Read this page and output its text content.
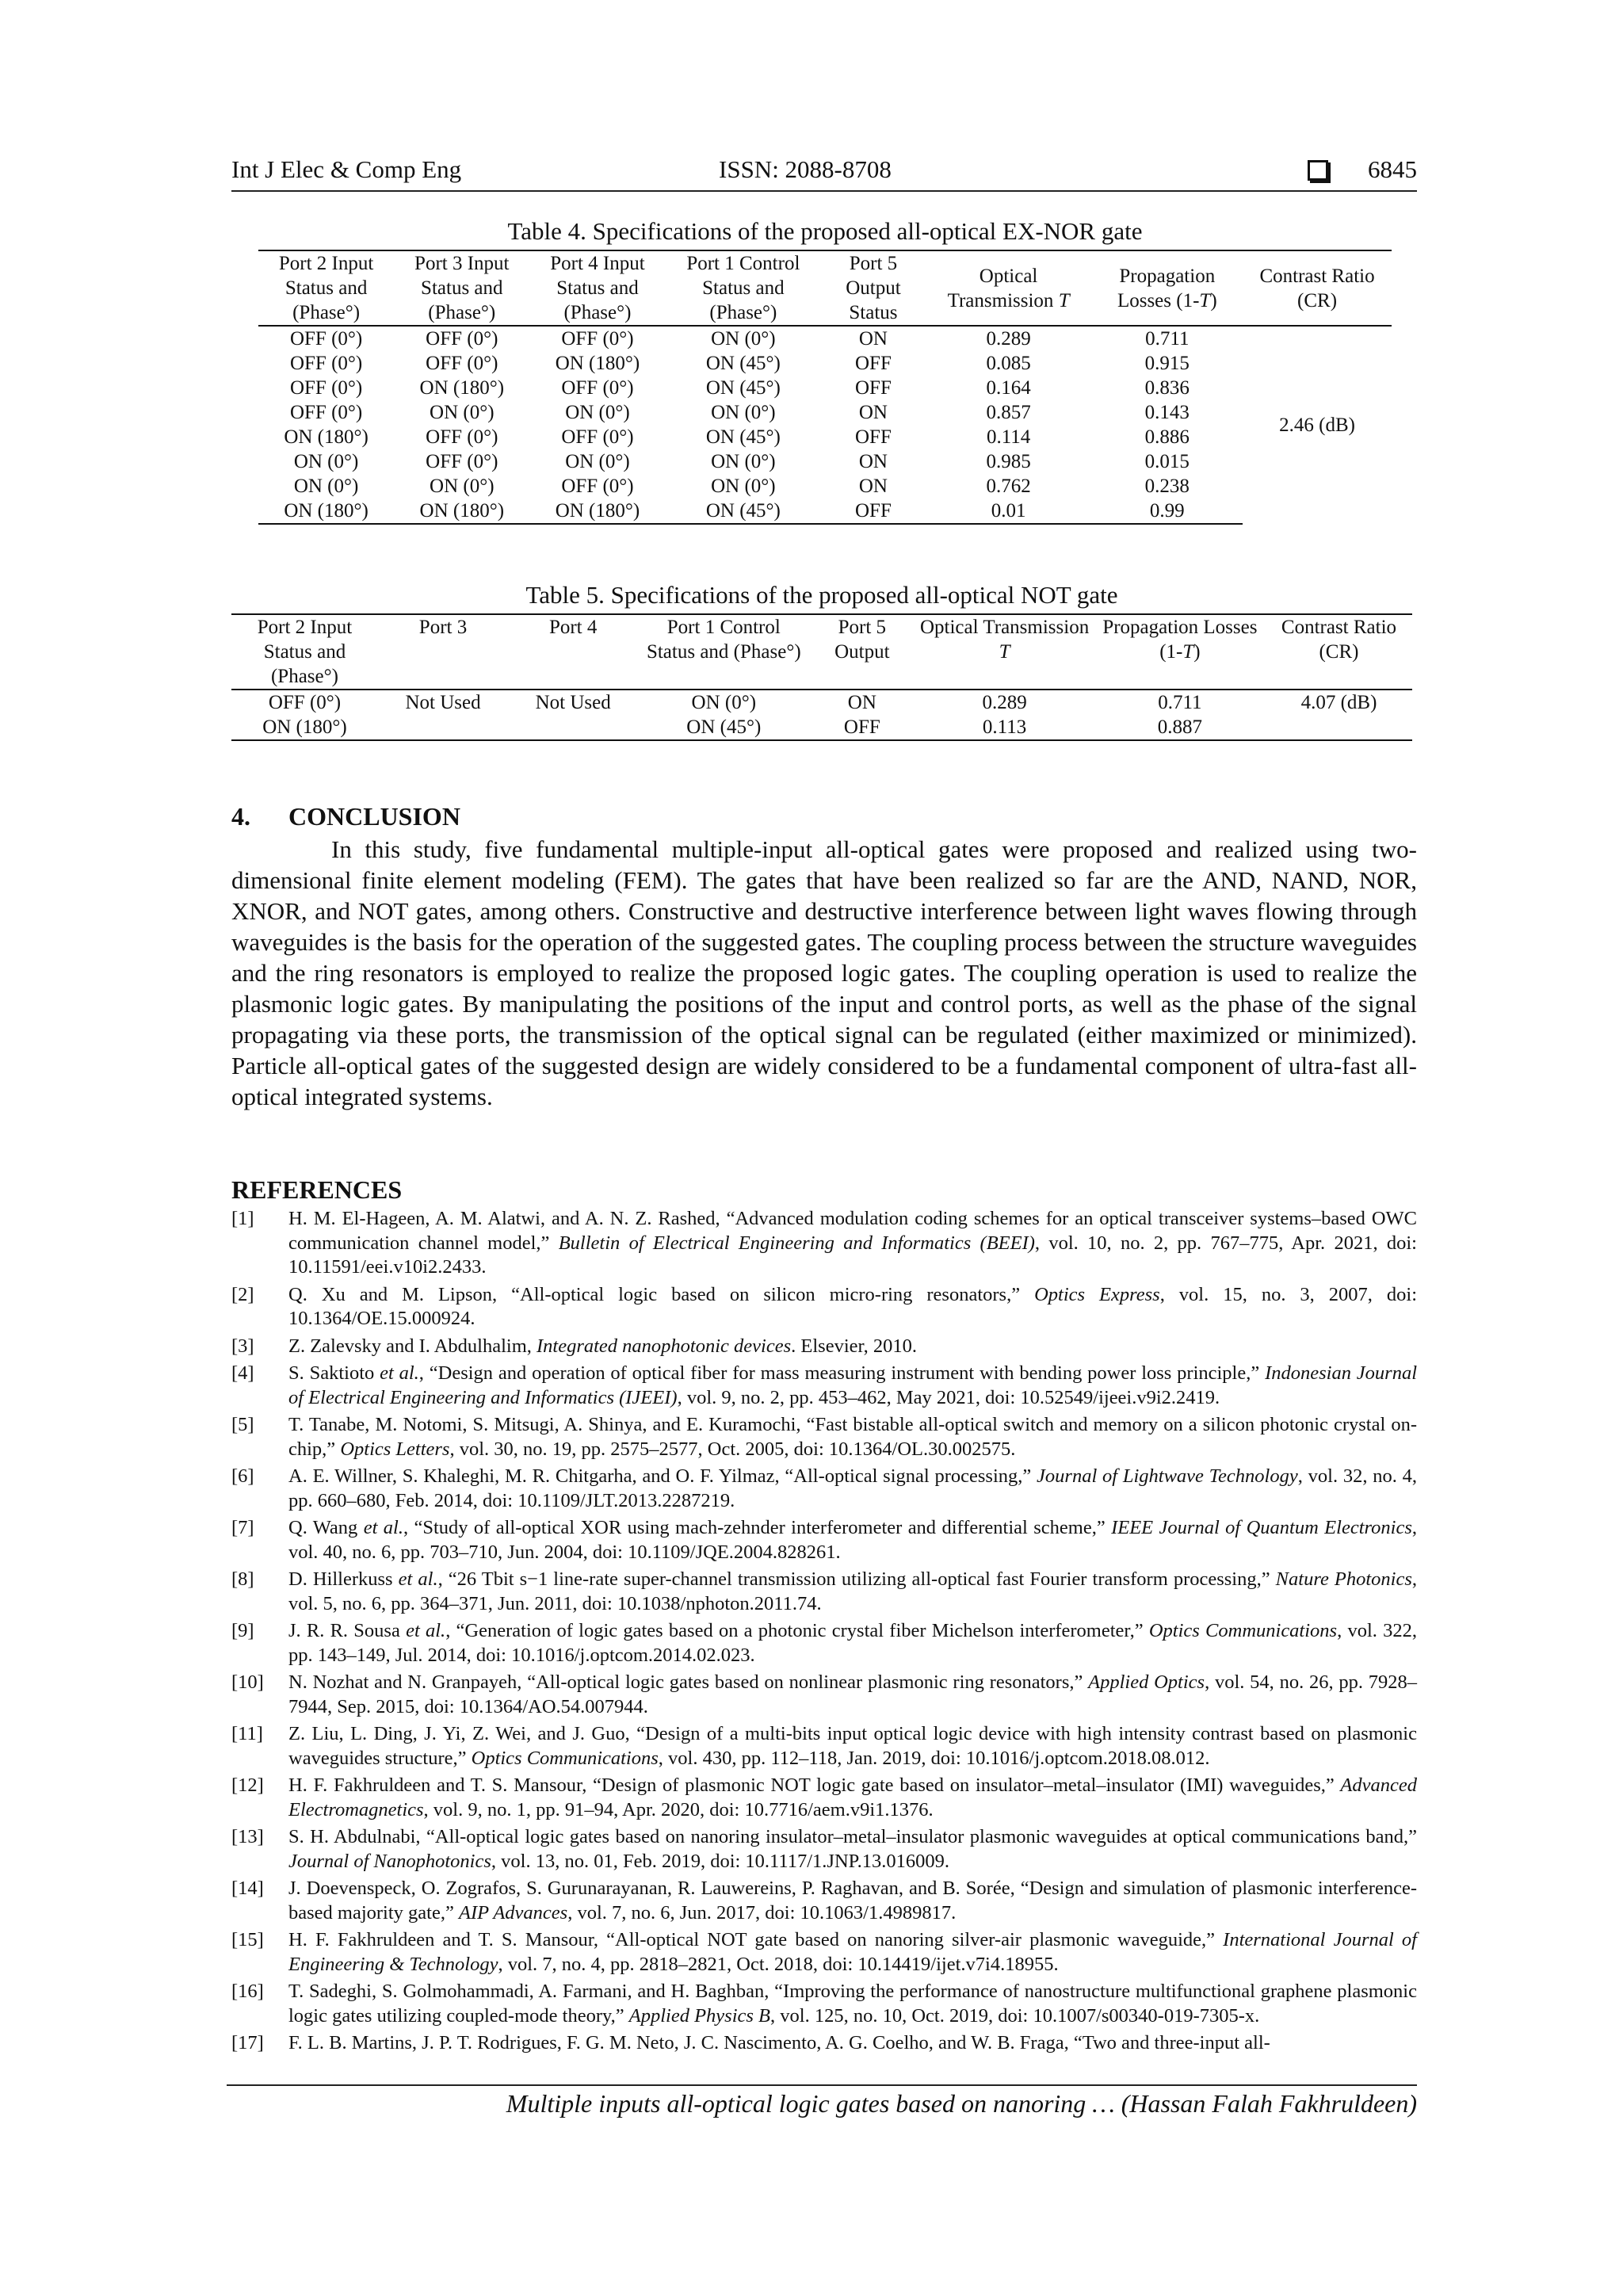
Int J Elec & Comp Eng	ISSN: 2088-8708	6845
Table 4. Specifications of the proposed all-optical EX-NOR gate
Port 2 Input Status and (Phase°)	Port 3 Input Status and (Phase°)	Port 4 Input Status and (Phase°)	Port 1 Control Status and (Phase°)	Port 5 Output Status	Optical Transmission T	Propagation Losses (1-T)	Contrast Ratio (CR)
OFF (0°)	OFF (0°)	OFF (0°)	ON (0°)	ON	0.289	0.711	2.46 (dB)
OFF (0°)	OFF (0°)	ON (180°)	ON (45°)	OFF	0.085	0.915	
OFF (0°)	ON (180°)	OFF (0°)	ON (45°)	OFF	0.164	0.836	
OFF (0°)	ON (0°)	ON (0°)	ON (0°)	ON	0.857	0.143	
ON (180°)	OFF (0°)	OFF (0°)	ON (45°)	OFF	0.114	0.886	
ON (0°)	OFF (0°)	ON (0°)	ON (0°)	ON	0.985	0.015	
ON (0°)	ON (0°)	OFF (0°)	ON (0°)	ON	0.762	0.238	
ON (180°)	ON (180°)	ON (180°)	ON (45°)	OFF	0.01	0.99	
Table 5. Specifications of the proposed all-optical NOT gate
Port 2 Input Status and (Phase°)	Port 3	Port 4	Port 1 Control Status and (Phase°)	Port 5 Output	Optical Transmission T	Propagation Losses (1-T)	Contrast Ratio (CR)
OFF (0°)	Not Used	Not Used	ON (0°)	ON	0.289	0.711	4.07 (dB)
ON (180°)			ON (45°)	OFF	0.113	0.887	
4. CONCLUSION

In this study, five fundamental multiple-input all-optical gates were proposed and realized using two-dimensional finite element modeling (FEM). The gates that have been realized so far are the AND, NAND, NOR, XNOR, and NOT gates, among others. Constructive and destructive interference between light waves flowing through waveguides is the basis for the operation of the suggested gates. The coupling process between the structure waveguides and the ring resonators is employed to realize the proposed logic gates. The coupling operation is used to realize the plasmonic logic gates. By manipulating the positions of the input and control ports, as well as the phase of the signal propagating via these ports, the transmission of the optical signal can be regulated (either maximized or minimized). Particle all-optical gates of the suggested design are widely considered to be a fundamental component of ultra-fast all-optical integrated systems.

REFERENCES
[1] H. M. El-Hageen, A. M. Alatwi, and A. N. Z. Rashed, “Advanced modulation coding schemes for an optical transceiver systems–based OWC communication channel model,” Bulletin of Electrical Engineering and Informatics (BEEI), vol. 10, no. 2, pp. 767–775, Apr. 2021, doi: 10.11591/eei.v10i2.2433.
[2] Q. Xu and M. Lipson, “All-optical logic based on silicon micro-ring resonators,” Optics Express, vol. 15, no. 3, 2007, doi: 10.1364/OE.15.000924.
[3] Z. Zalevsky and I. Abdulhalim, Integrated nanophotonic devices. Elsevier, 2010.
[4] S. Saktioto et al., “Design and operation of optical fiber for mass measuring instrument with bending power loss principle,” Indonesian Journal of Electrical Engineering and Informatics (IJEEI), vol. 9, no. 2, pp. 453–462, May 2021, doi: 10.52549/ijeei.v9i2.2419.
[5] T. Tanabe, M. Notomi, S. Mitsugi, A. Shinya, and E. Kuramochi, “Fast bistable all-optical switch and memory on a silicon photonic crystal on-chip,” Optics Letters, vol. 30, no. 19, pp. 2575–2577, Oct. 2005, doi: 10.1364/OL.30.002575.
[6] A. E. Willner, S. Khaleghi, M. R. Chitgarha, and O. F. Yilmaz, “All-optical signal processing,” Journal of Lightwave Technology, vol. 32, no. 4, pp. 660–680, Feb. 2014, doi: 10.1109/JLT.2013.2287219.
[7] Q. Wang et al., “Study of all-optical XOR using mach-zehnder interferometer and differential scheme,” IEEE Journal of Quantum Electronics, vol. 40, no. 6, pp. 703–710, Jun. 2004, doi: 10.1109/JQE.2004.828261.
[8] D. Hillerkuss et al., “26 Tbit s−1 line-rate super-channel transmission utilizing all-optical fast Fourier transform processing,” Nature Photonics, vol. 5, no. 6, pp. 364–371, Jun. 2011, doi: 10.1038/nphoton.2011.74.
[9] J. R. R. Sousa et al., “Generation of logic gates based on a photonic crystal fiber Michelson interferometer,” Optics Communications, vol. 322, pp. 143–149, Jul. 2014, doi: 10.1016/j.optcom.2014.02.023.
[10] N. Nozhat and N. Granpayeh, “All-optical logic gates based on nonlinear plasmonic ring resonators,” Applied Optics, vol. 54, no. 26, pp. 7928–7944, Sep. 2015, doi: 10.1364/AO.54.007944.
[11] Z. Liu, L. Ding, J. Yi, Z. Wei, and J. Guo, “Design of a multi-bits input optical logic device with high intensity contrast based on plasmonic waveguides structure,” Optics Communications, vol. 430, pp. 112–118, Jan. 2019, doi: 10.1016/j.optcom.2018.08.012.
[12] H. F. Fakhruldeen and T. S. Mansour, “Design of plasmonic NOT logic gate based on insulator–metal–insulator (IMI) waveguides,” Advanced Electromagnetics, vol. 9, no. 1, pp. 91–94, Apr. 2020, doi: 10.7716/aem.v9i1.1376.
[13] S. H. Abdulnabi, “All-optical logic gates based on nanoring insulator–metal–insulator plasmonic waveguides at optical communications band,” Journal of Nanophotonics, vol. 13, no. 01, Feb. 2019, doi: 10.1117/1.JNP.13.016009.
[14] J. Doevenspeck, O. Zografos, S. Gurunarayanan, R. Lauwereins, P. Raghavan, and B. Sorée, “Design and simulation of plasmonic interference-based majority gate,” AIP Advances, vol. 7, no. 6, Jun. 2017, doi: 10.1063/1.4989817.
[15] H. F. Fakhruldeen and T. S. Mansour, “All-optical NOT gate based on nanoring silver-air plasmonic waveguide,” International Journal of Engineering & Technology, vol. 7, no. 4, pp. 2818–2821, Oct. 2018, doi: 10.14419/ijet.v7i4.18955.
[16] T. Sadeghi, S. Golmohammadi, A. Farmani, and H. Baghban, “Improving the performance of nanostructure multifunctional graphene plasmonic logic gates utilizing coupled-mode theory,” Applied Physics B, vol. 125, no. 10, Oct. 2019, doi: 10.1007/s00340-019-7305-x.
[17] F. L. B. Martins, J. P. T. Rodrigues, F. G. M. Neto, J. C. Nascimento, A. G. Coelho, and W. B. Fraga, “Two and three-input all-
Multiple inputs all-optical logic gates based on nanoring … (Hassan Falah Fakhruldeen)
